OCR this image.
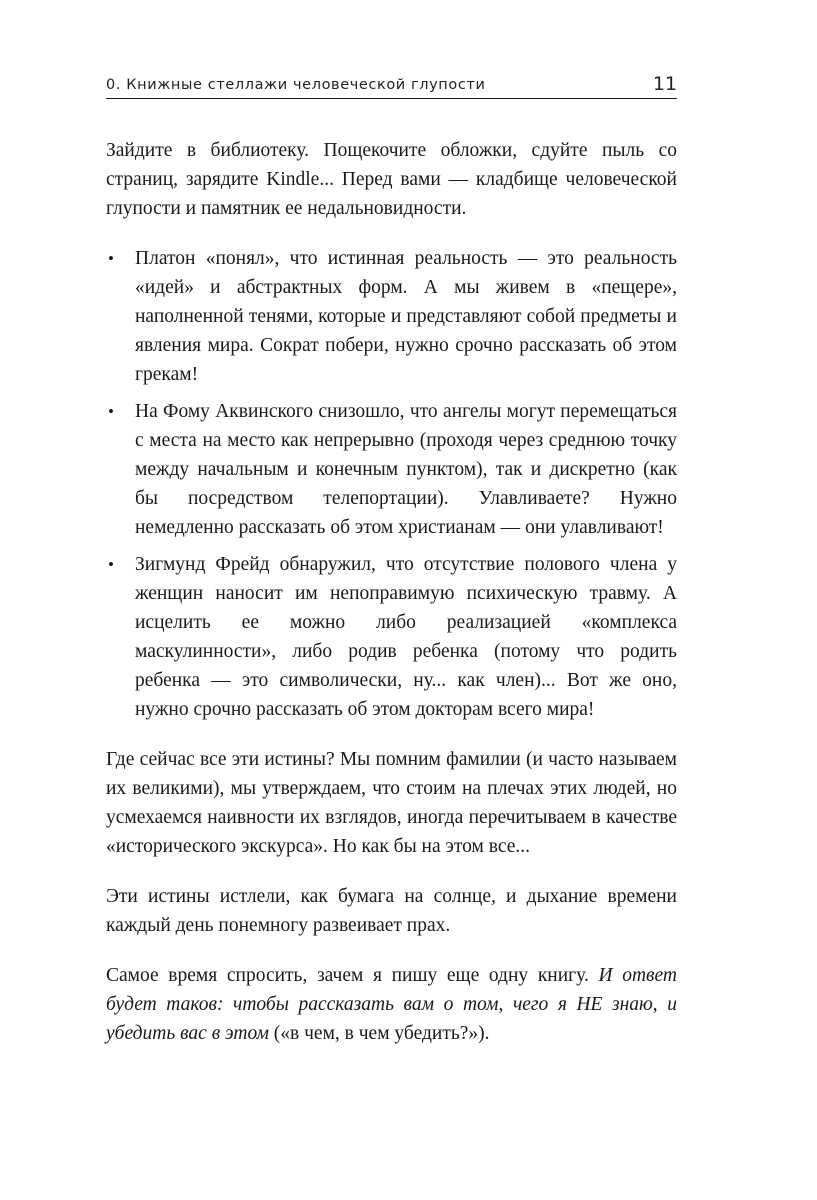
0. Книжные стеллажи человеческой глупости	11

Зайдите в библиотеку. Пощекочите обложки, сдуйте пыль со страниц, зарядите Kindle... Перед вами — кладбище человеческой глупости и памятник ее недальновидности.

• Платон «понял», что истинная реальность — это реальность «идей» и абстрактных форм. А мы живем в «пещере», наполненной тенями, которые и представляют собой предметы и явления мира. Сократ побери, нужно срочно рассказать об этом грекам!
• На Фому Аквинского снизошло, что ангелы могут перемещаться с места на место как непрерывно (проходя через среднюю точку между начальным и конечным пунктом), так и дискретно (как бы посредством телепортации). Улавливаете? Нужно немедленно рассказать об этом христианам — они улавливают!
• Зигмунд Фрейд обнаружил, что отсутствие полового члена у женщин наносит им непоправимую психическую травму. А исцелить ее можно либо реализацией «комплекса маскулинности», либо родив ребенка (потому что родить ребенка — это символически, ну... как член)... Вот же оно, нужно срочно рассказать об этом докторам всего мира!

Где сейчас все эти истины? Мы помним фамилии (и часто называем их великими), мы утверждаем, что стоим на плечах этих людей, но усмехаемся наивности их взглядов, иногда перечитываем в качестве «исторического экскурса». Но как бы на этом все...

Эти истины истлели, как бумага на солнце, и дыхание времени каждый день понемногу развеивает прах.

Самое время спросить, зачем я пишу еще одну книгу. И ответ будет таков: чтобы рассказать вам о том, чего я НЕ знаю, и убедить вас в этом («в чем, в чем убедить?»).
